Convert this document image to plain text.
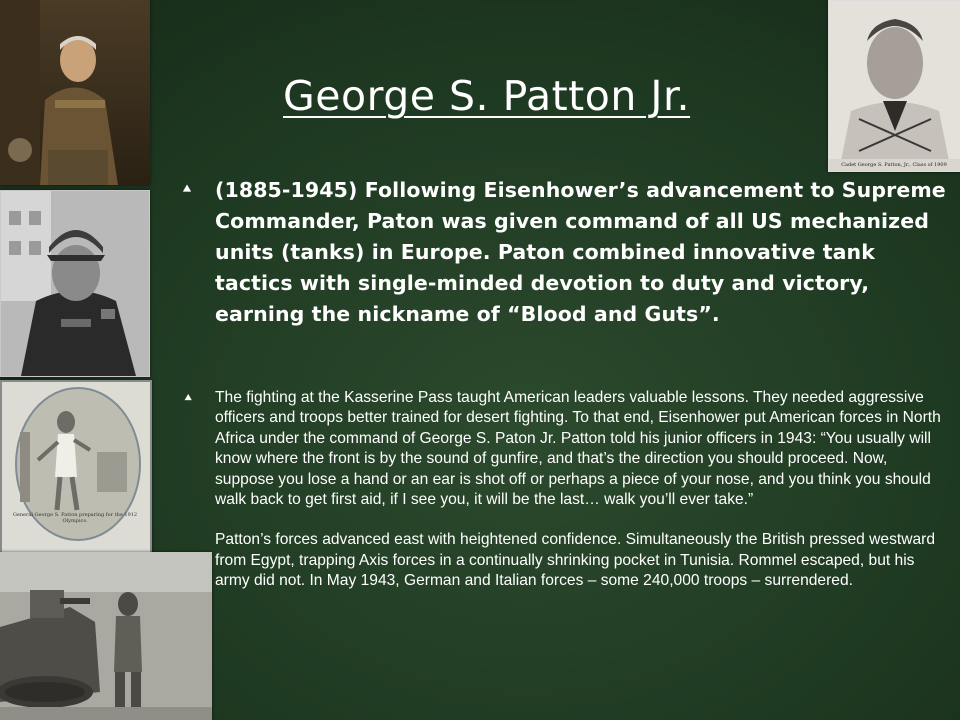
Cadet George S. Patton, Jr., Class of 1909
General George S. Patton preparing for the 1912 Olympics.
George S. Patton Jr.
⯅ (1885-1945) Following Eisenhower’s advancement to Supreme Commander, Paton was given command of all US mechanized units (tanks) in Europe. Paton combined innovative tank tactics with single-minded devotion to duty and victory, earning the nickname of “Blood and Guts”.
⯅ The fighting at the Kasserine Pass taught American leaders valuable lessons. They needed aggressive officers and troops better trained for desert fighting. To that end, Eisenhower put American forces in North Africa under the command of George S. Paton Jr. Patton told his junior officers in 1943: “You usually will know where the front is by the sound of gunfire, and that’s the direction you should proceed. Now, suppose you lose a hand or an ear is shot off or perhaps a piece of your nose, and you think you should walk back to get first aid, if I see you, it will be the last… walk you’ll ever take.”
Patton’s forces advanced east with heightened confidence. Simultaneously the British pressed westward from Egypt, trapping Axis forces in a continually shrinking pocket in Tunisia. Rommel escaped, but his army did not. In May 1943, German and Italian forces – some 240,000 troops – surrendered.
